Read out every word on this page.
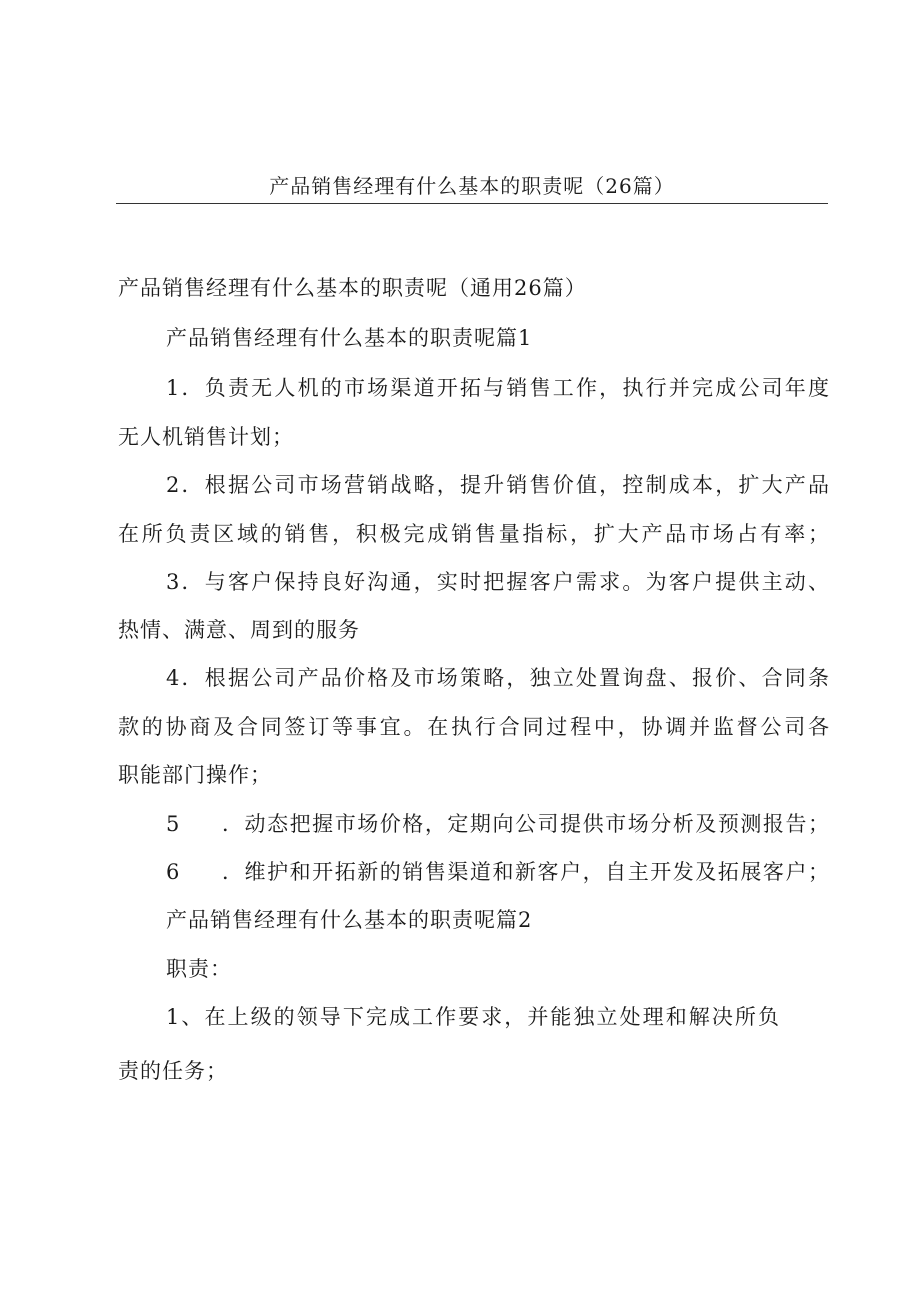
产品销售经理有什么基本的职责呢（26篇）
产品销售经理有什么基本的职责呢（通用26篇）
产品销售经理有什么基本的职责呢篇1
1．负责无人机的市场渠道开拓与销售工作，执行并完成公司年度
无人机销售计划；
2．根据公司市场营销战略，提升销售价值，控制成本，扩大产品
在所负责区域的销售，积极完成销售量指标，扩大产品市场占有率；
3．与客户保持良好沟通，实时把握客户需求。为客户提供主动、
热情、满意、周到的服务
4．根据公司产品价格及市场策略，独立处置询盘、报价、合同条
款的协商及合同签订等事宜。在执行合同过程中，协调并监督公司各
职能部门操作；
5 ．动态把握市场价格，定期向公司提供市场分析及预测报告；
6 ．维护和开拓新的销售渠道和新客户，自主开发及拓展客户；
产品销售经理有什么基本的职责呢篇2
职责：
1、在上级的领导下完成工作要求，并能独立处理和解决所负
责的任务；
